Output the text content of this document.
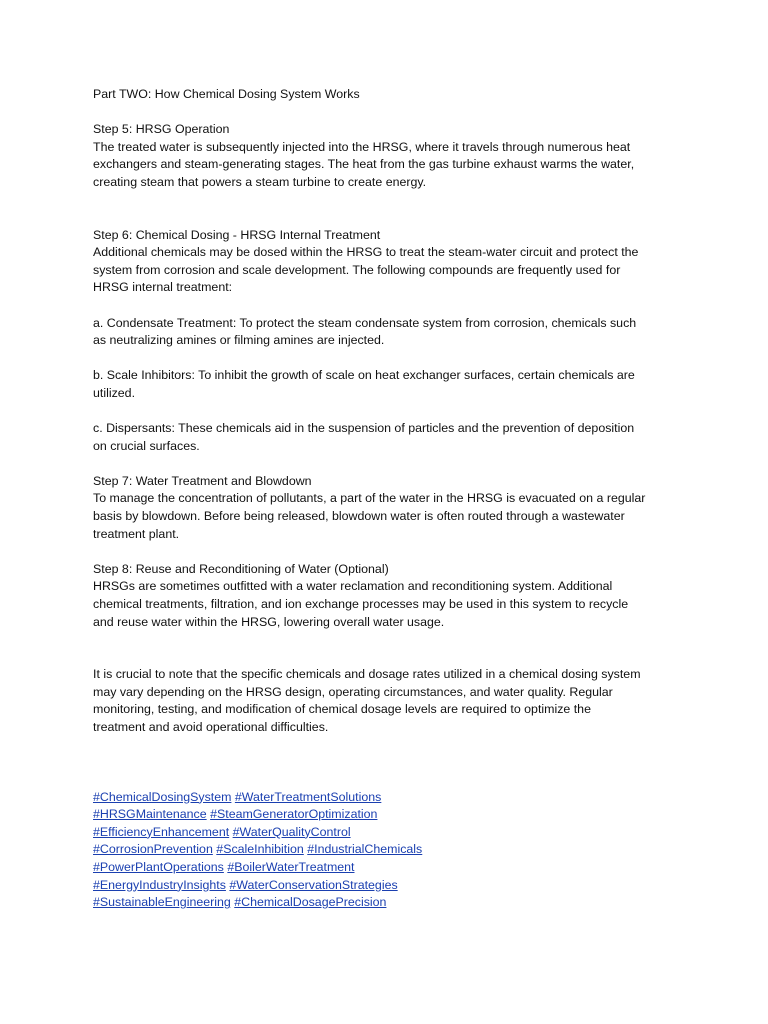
Part TWO: How Chemical Dosing System Works

Step 5: HRSG Operation
The treated water is subsequently injected into the HRSG, where it travels through numerous heat
exchangers and steam-generating stages. The heat from the gas turbine exhaust warms the water,
creating steam that powers a steam turbine to create energy.

Step 6: Chemical Dosing - HRSG Internal Treatment
Additional chemicals may be dosed within the HRSG to treat the steam-water circuit and protect the
system from corrosion and scale development. The following compounds are frequently used for
HRSG internal treatment:

a. Condensate Treatment: To protect the steam condensate system from corrosion, chemicals such
as neutralizing amines or filming amines are injected.

b. Scale Inhibitors: To inhibit the growth of scale on heat exchanger surfaces, certain chemicals are
utilized.

c. Dispersants: These chemicals aid in the suspension of particles and the prevention of deposition
on crucial surfaces.

Step 7: Water Treatment and Blowdown
To manage the concentration of pollutants, a part of the water in the HRSG is evacuated on a regular
basis by blowdown. Before being released, blowdown water is often routed through a wastewater
treatment plant.

Step 8: Reuse and Reconditioning of Water (Optional)
HRSGs are sometimes outfitted with a water reclamation and reconditioning system. Additional
chemical treatments, filtration, and ion exchange processes may be used in this system to recycle
and reuse water within the HRSG, lowering overall water usage.

It is crucial to note that the specific chemicals and dosage rates utilized in a chemical dosing system
may vary depending on the HRSG design, operating circumstances, and water quality. Regular
monitoring, testing, and modification of chemical dosage levels are required to optimize the
treatment and avoid operational difficulties.

#ChemicalDosingSystem #WaterTreatmentSolutions
#HRSGMaintenance #SteamGeneratorOptimization
#EfficiencyEnhancement #WaterQualityControl
#CorrosionPrevention #ScaleInhibition #IndustrialChemicals
#PowerPlantOperations #BoilerWaterTreatment
#EnergyIndustryInsights #WaterConservationStrategies
#SustainableEngineering #ChemicalDosagePrecision
